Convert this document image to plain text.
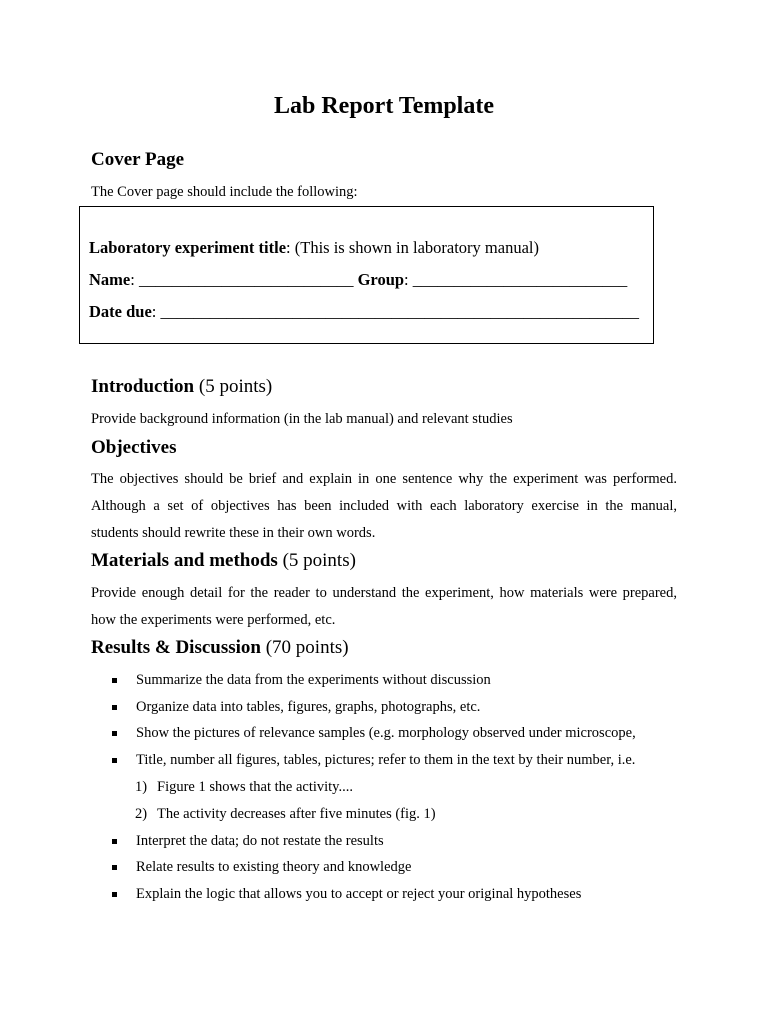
Lab Report Template
Cover Page
The Cover page should include the following:
Laboratory experiment title: (This is shown in laboratory manual)
Name: __________________________ Group: __________________________
Date due: __________________________________________________________
Introduction (5 points)
Provide background information (in the lab manual) and relevant studies
Objectives
The objectives should be brief and explain in one sentence why the experiment was performed.
Although a set of objectives has been included with each laboratory exercise in the manual,
students should rewrite these in their own words.
Materials and methods (5 points)
Provide enough detail for the reader to understand the experiment, how materials were prepared,
how the experiments were performed, etc.
Results & Discussion (70 points)
Summarize the data from the experiments without discussion
Organize data into tables, figures, graphs, photographs, etc.
Show the pictures of relevance samples (e.g. morphology observed under microscope,
Title, number all figures, tables, pictures; refer to them in the text by their number, i.e.
1) Figure 1 shows that the activity....
2) The activity decreases after five minutes (fig. 1)
Interpret the data; do not restate the results
Relate results to existing theory and knowledge
Explain the logic that allows you to accept or reject your original hypotheses
